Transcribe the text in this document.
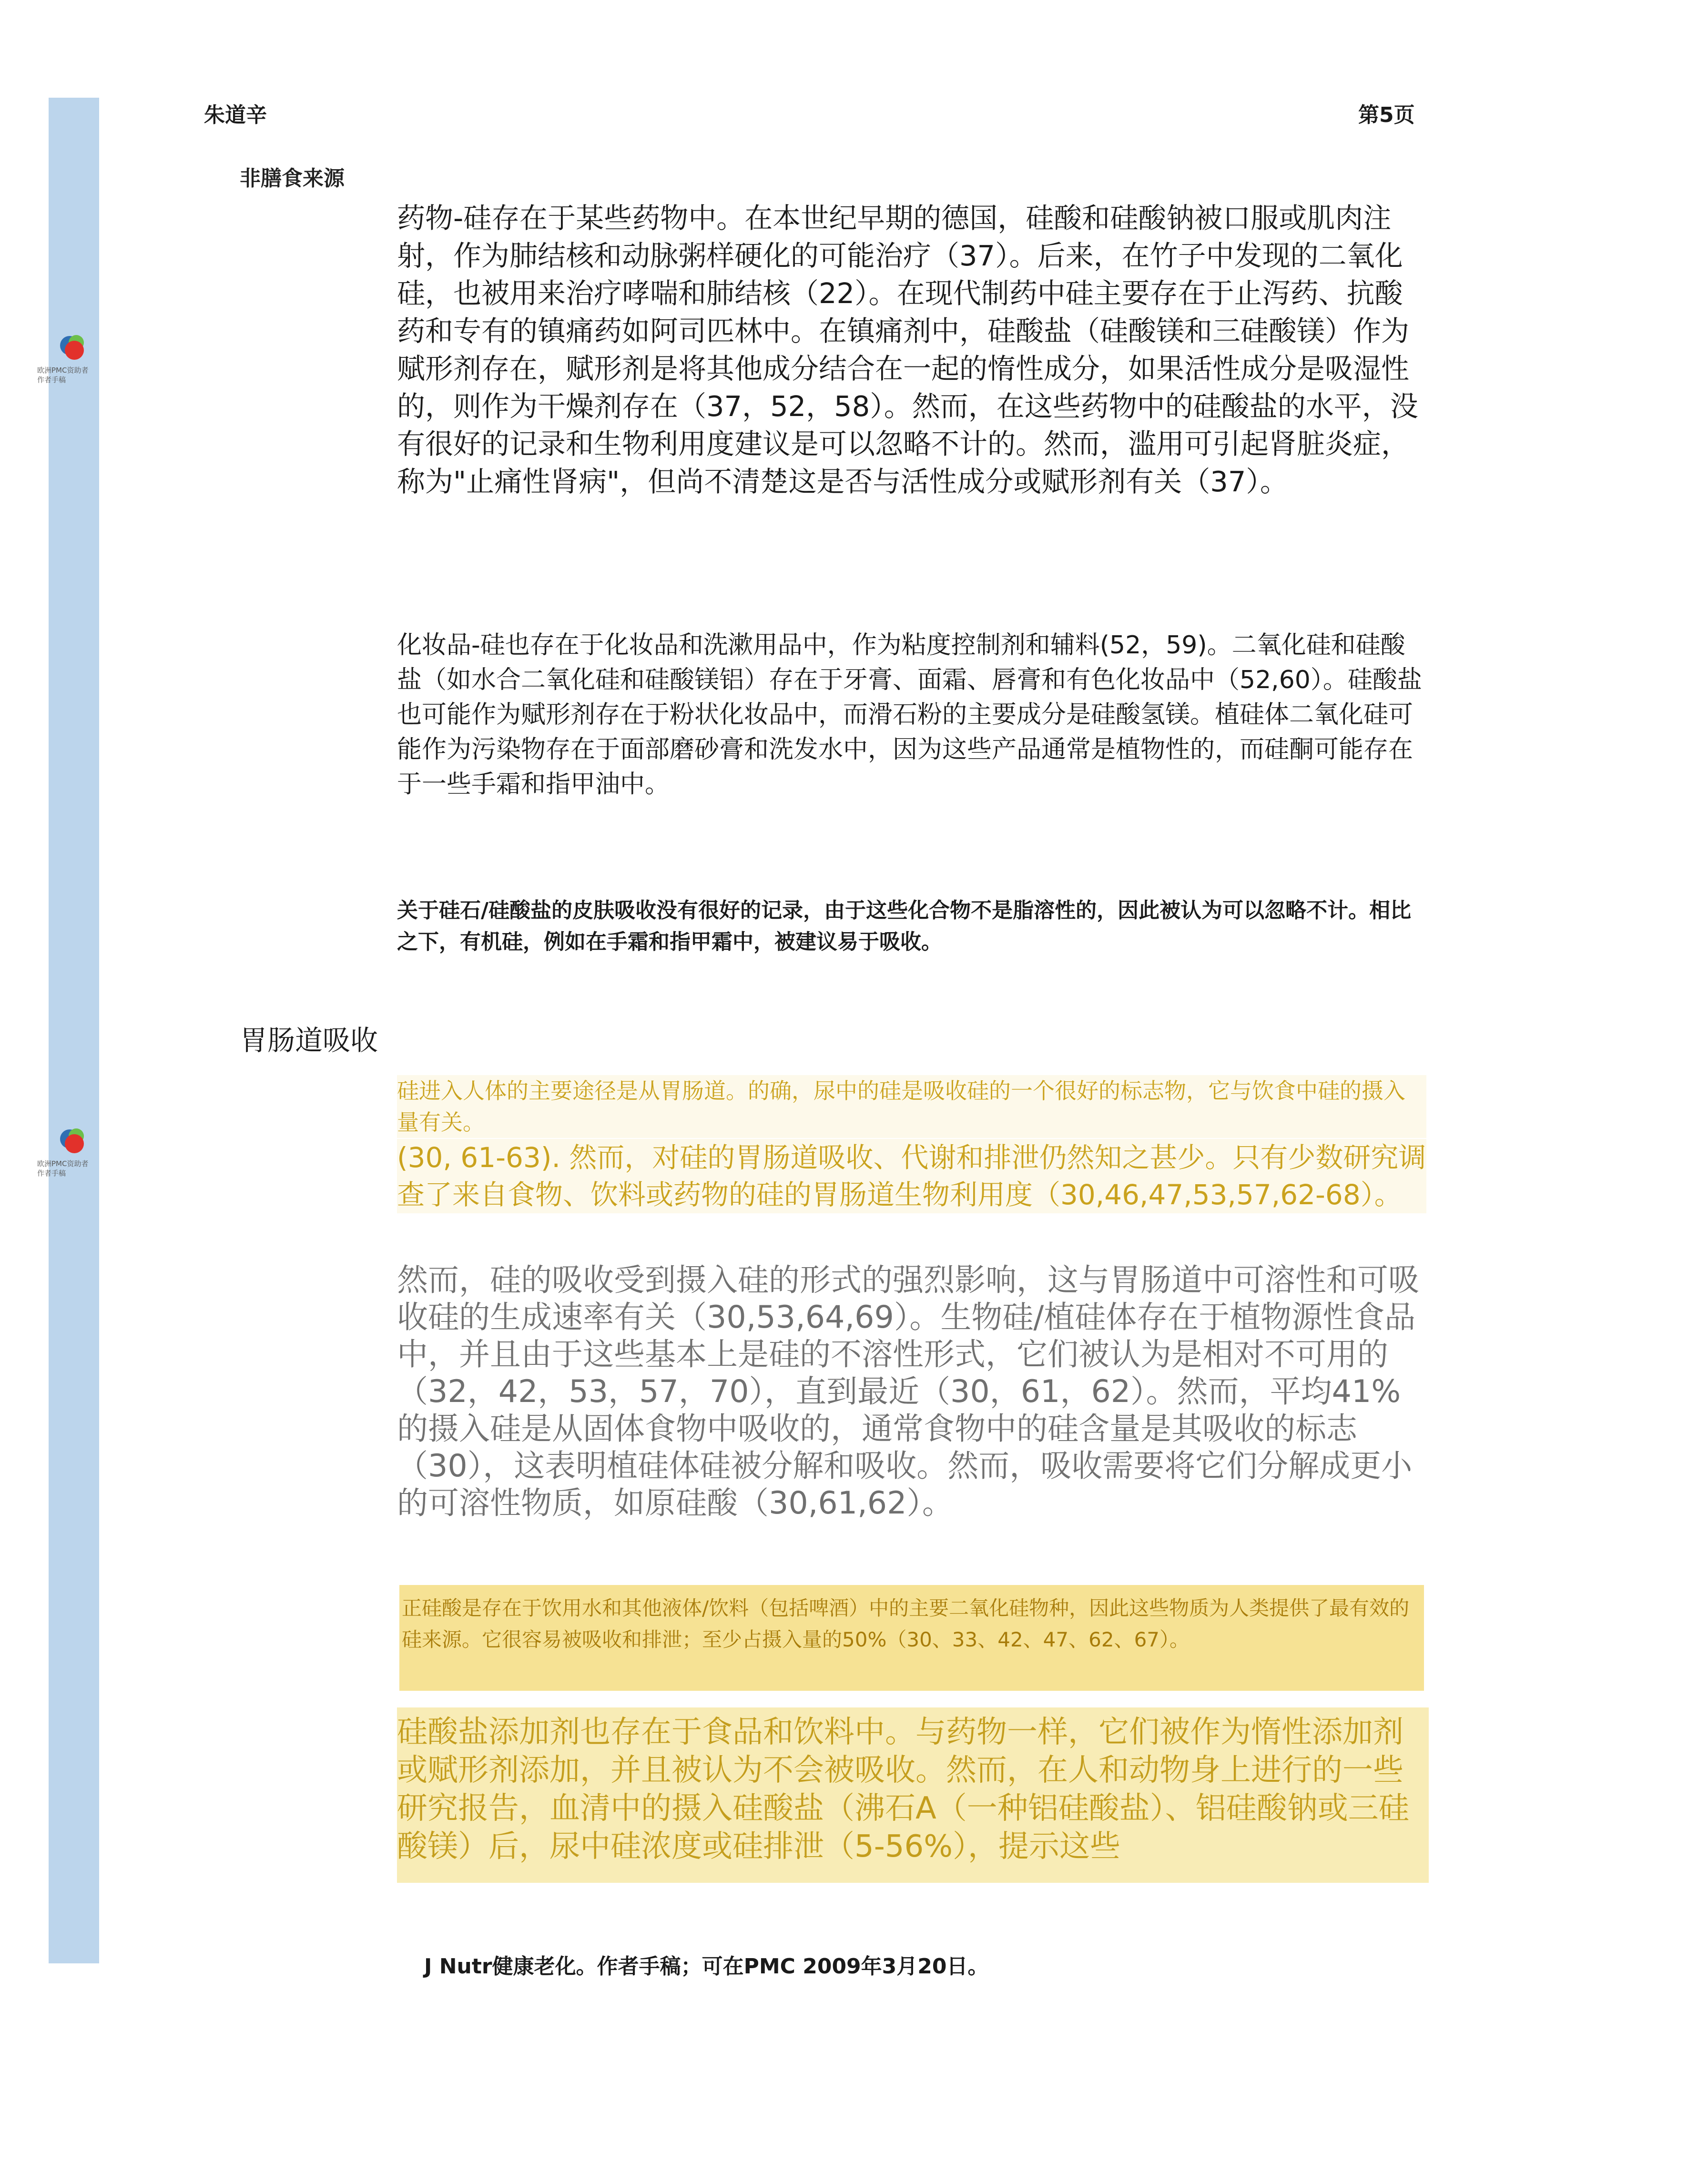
欧洲PMC资助者作者手稿
欧洲PMC资助者作者手稿
朱道辛	第5页
非膳食来源

药物-硅存在于某些药物中。在本世纪早期的德国，硅酸和硅酸钠被口服或肌肉注射，作为肺结核和动脉粥样硬化的可能治疗（37）。后来，在竹子中发现的二氧化硅，也被用来治疗哮喘和肺结核（22）。在现代制药中硅主要存在于止泻药、抗酸药和专有的镇痛药如阿司匹林中。在镇痛剂中，硅酸盐（硅酸镁和三硅酸镁）作为赋形剂存在，赋形剂是将其他成分结合在一起的惰性成分，如果活性成分是吸湿性的，则作为干燥剂存在（37，52，58）。然而，在这些药物中的硅酸盐的水平，没有很好的记录和生物利用度建议是可以忽略不计的。然而，滥用可引起肾脏炎症，称为"止痛性肾病"，但尚不清楚这是否与活性成分或赋形剂有关（37）。

化妆品-硅也存在于化妆品和洗漱用品中，作为粘度控制剂和辅料(52，59)。二氧化硅和硅酸盐（如水合二氧化硅和硅酸镁铝）存在于牙膏、面霜、唇膏和有色化妆品中（52,60）。硅酸盐也可能作为赋形剂存在于粉状化妆品中，而滑石粉的主要成分是硅酸氢镁。植硅体二氧化硅可能作为污染物存在于面部磨砂膏和洗发水中，因为这些产品通常是植物性的，而硅酮可能存在于一些手霜和指甲油中。

关于硅石/硅酸盐的皮肤吸收没有很好的记录，由于这些化合物不是脂溶性的，因此被认为可以忽略不计。相比之下，有机硅，例如在手霜和指甲霜中，被建议易于吸收。

胃肠道吸收

硅进入人体的主要途径是从胃肠道。的确，尿中的硅是吸收硅的一个很好的标志物，它与饮食中硅的摄入量有关。

(30, 61-63). 然而，对硅的胃肠道吸收、代谢和排泄仍然知之甚少。只有少数研究调查了来自食物、饮料或药物的硅的胃肠道生物利用度（30,46,47,53,57,62-68）。

然而，硅的吸收受到摄入硅的形式的强烈影响，这与胃肠道中可溶性和可吸收硅的生成速率有关（30,53,64,69）。生物硅/植硅体存在于植物源性食品中，并且由于这些基本上是硅的不溶性形式，它们被认为是相对不可用的（32，42，53，57，70），直到最近（30，61，62）。然而，平均41%的摄入硅是从固体食物中吸收的，通常食物中的硅含量是其吸收的标志（30），这表明植硅体硅被分解和吸收。然而，吸收需要将它们分解成更小的可溶性物质，如原硅酸（30,61,62）。

正硅酸是存在于饮用水和其他液体/饮料（包括啤酒）中的主要二氧化硅物种，因此这些物质为人类提供了最有效的硅来源。它很容易被吸收和排泄；至少占摄入量的50%（30、33、42、47、62、67）。

硅酸盐添加剂也存在于食品和饮料中。与药物一样，它们被作为惰性添加剂或赋形剂添加，并且被认为不会被吸收。然而，在人和动物身上进行的一些研究报告，血清中的摄入硅酸盐（沸石A（一种铝硅酸盐）、铝硅酸钠或三硅酸镁）后，尿中硅浓度或硅排泄（5-56%），提示这些

J Nutr健康老化。作者手稿；可在PMC 2009年3月20日。
